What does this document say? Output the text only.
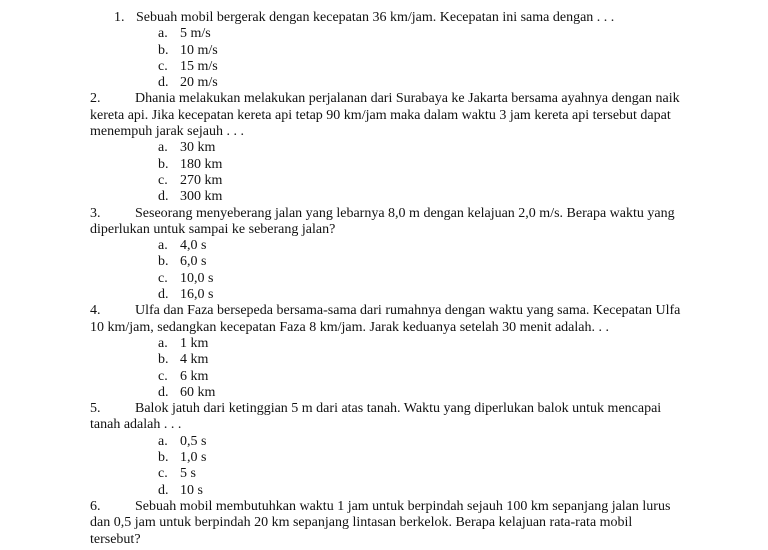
1. Sebuah mobil bergerak dengan kecepatan 36 km/jam. Kecepatan ini sama dengan . . .
a. 5 m/s
b. 10 m/s
c. 15 m/s
d. 20 m/s
2. Dhania melakukan melakukan perjalanan dari Surabaya ke Jakarta bersama ayahnya dengan naik
kereta api. Jika kecepatan kereta api tetap 90 km/jam maka dalam waktu 3 jam kereta api tersebut dapat
menempuh jarak sejauh . . .
a. 30 km
b. 180 km
c. 270 km
d. 300 km
3. Seseorang menyeberang jalan yang lebarnya 8,0 m dengan kelajuan 2,0 m/s. Berapa waktu yang
diperlukan untuk sampai ke seberang jalan?
a. 4,0 s
b. 6,0 s
c. 10,0 s
d. 16,0 s
4. Ulfa dan Faza bersepeda bersama-sama dari rumahnya dengan waktu yang sama. Kecepatan Ulfa
10 km/jam, sedangkan kecepatan Faza 8 km/jam. Jarak keduanya setelah 30 menit adalah. . .
a. 1 km
b. 4 km
c. 6 km
d. 60 km
5. Balok jatuh dari ketinggian 5 m dari atas tanah. Waktu yang diperlukan balok untuk mencapai
tanah adalah . . .
a. 0,5 s
b. 1,0 s
c. 5 s
d. 10 s
6. Sebuah mobil membutuhkan waktu 1 jam untuk berpindah sejauh 100 km sepanjang jalan lurus
dan 0,5 jam untuk berpindah 20 km sepanjang lintasan berkelok. Berapa kelajuan rata-rata mobil
tersebut?
